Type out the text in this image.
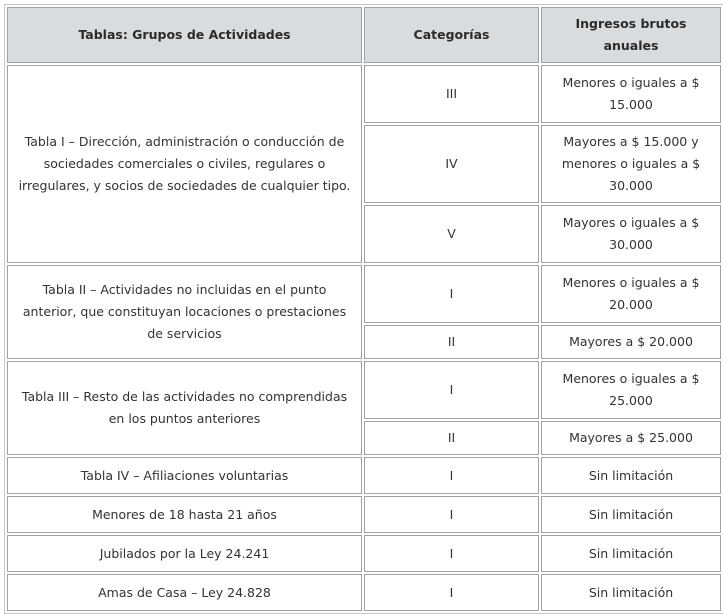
Tablas: Grupos de Actividades	Categorías	Ingresos brutos anuales
Tabla I – Dirección, administración o conducción de sociedades comerciales o civiles, regulares o irregulares, y socios de sociedades de cualquier tipo.	III	Menores o iguales a $ 15.000
	IV	Mayores a $ 15.000 y menores o iguales a $ 30.000
	V	Mayores o iguales a $ 30.000
Tabla II – Actividades no incluidas en el punto anterior, que constituyan locaciones o prestaciones de servicios	I	Menores o iguales a $ 20.000
	II	Mayores a $ 20.000
Tabla III – Resto de las actividades no comprendidas en los puntos anteriores	I	Menores o iguales a $ 25.000
	II	Mayores a $ 25.000
Tabla IV – Afiliaciones voluntarias	I	Sin limitación
Menores de 18 hasta 21 años	I	Sin limitación
Jubilados por la Ley 24.241	I	Sin limitación
Amas de Casa – Ley 24.828	I	Sin limitación
